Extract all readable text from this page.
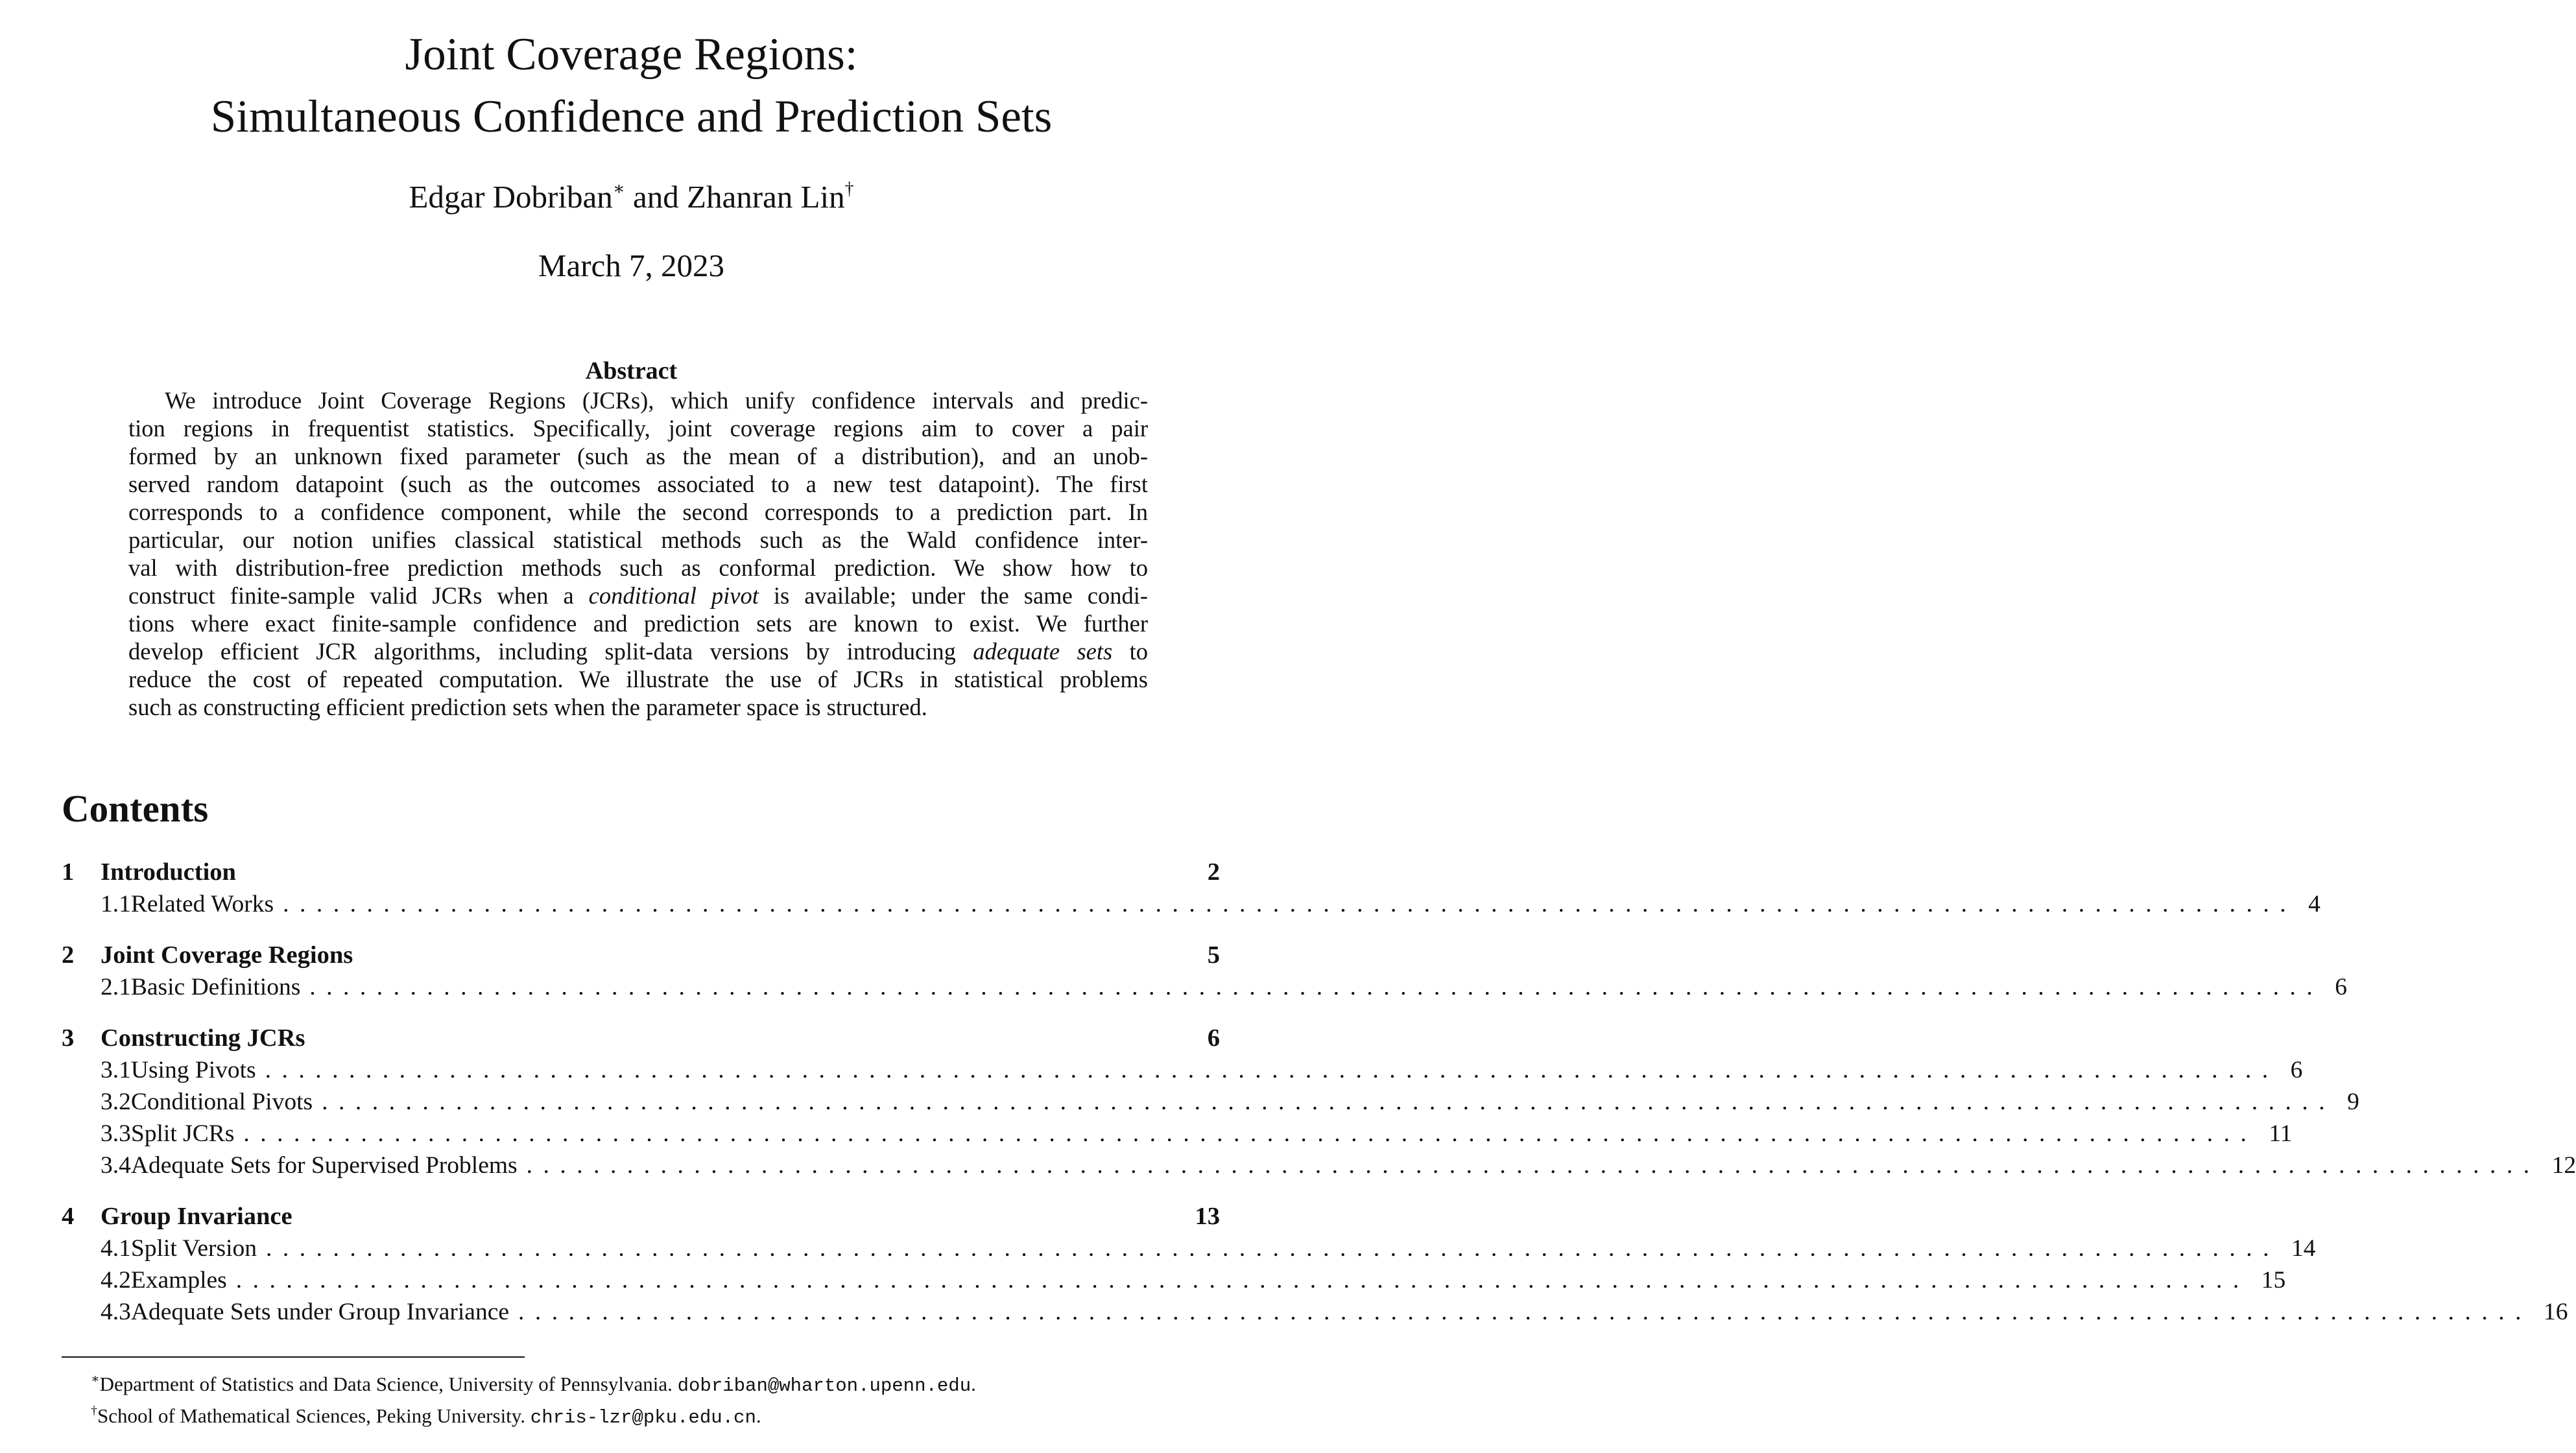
Joint Coverage Regions:
Simultaneous Confidence and Prediction Sets
Edgar Dobriban∗ and Zhanran Lin†
March 7, 2023
Abstract
We introduce Joint Coverage Regions (JCRs), which unify confidence intervals and predic-
tion regions in frequentist statistics. Specifically, joint coverage regions aim to cover a pair
formed by an unknown fixed parameter (such as the mean of a distribution), and an unob-
served random datapoint (such as the outcomes associated to a new test datapoint). The first
corresponds to a confidence component, while the second corresponds to a prediction part. In
particular, our notion unifies classical statistical methods such as the Wald confidence inter-
val with distribution-free prediction methods such as conformal prediction. We show how to
construct finite-sample valid JCRs when a conditional pivot is available; under the same condi-
tions where exact finite-sample confidence and prediction sets are known to exist. We further
develop efficient JCR algorithms, including split-data versions by introducing adequate sets to
reduce the cost of repeated computation. We illustrate the use of JCRs in statistical problems
such as constructing efficient prediction sets when the parameter space is structured.
Contents
1	Introduction	2
1.1 Related Works ........................................................................................................................ 4
2	Joint Coverage Regions	5
2.1 Basic Definitions ........................................................................................................................ 6
3	Constructing JCRs	6
3.1 Using Pivots ........................................................................................................................ 6
3.2 Conditional Pivots ........................................................................................................................ 9
3.3 Split JCRs ........................................................................................................................ 11
3.4 Adequate Sets for Supervised Problems ........................................................................................................................ 12
4	Group Invariance	13
4.1 Split Version ........................................................................................................................ 14
4.2 Examples ........................................................................................................................ 15
4.3 Adequate Sets under Group Invariance ........................................................................................................................ 16
∗Department of Statistics and Data Science, University of Pennsylvania. dobriban@wharton.upenn.edu.
†School of Mathematical Sciences, Peking University. chris-lzr@pku.edu.cn.
